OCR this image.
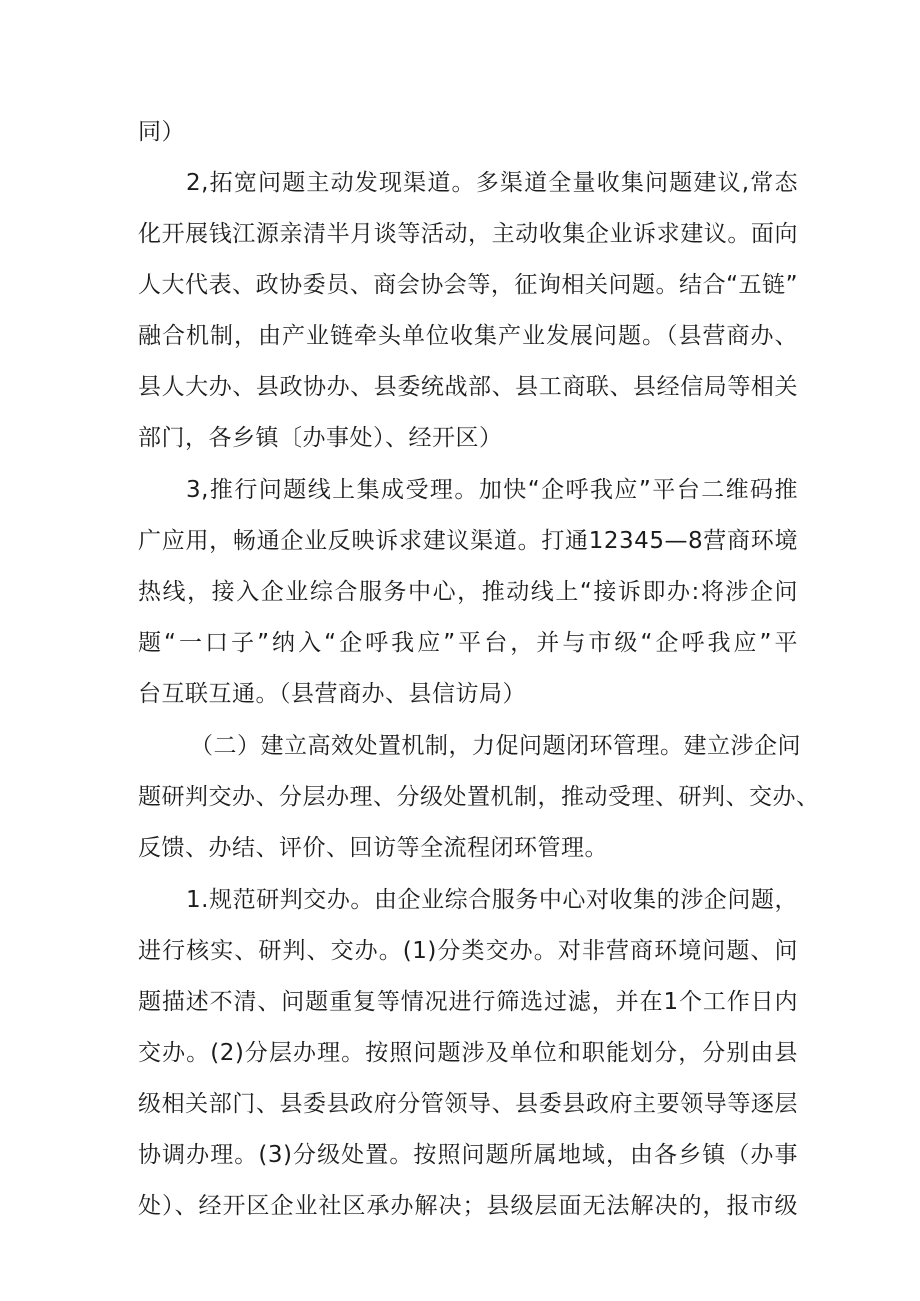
同）
2,拓宽问题主动发现渠道。多渠道全量收集问题建议,常态
化开展钱江源亲清半月谈等活动，主动收集企业诉求建议。面向
人大代表、政协委员、商会协会等，征询相关问题。结合“五链”
融合机制，由产业链牵头单位收集产业发展问题。（县营商办、
县人大办、县政协办、县委统战部、县工商联、县经信局等相关
部门，各乡镇〔办事处）、经开区）
3,推行问题线上集成受理。加快“企呼我应”平台二维码推
广应用，畅通企业反映诉求建议渠道。打通12345—8营商环境
热线，接入企业综合服务中心，推动线上“接诉即办:将涉企问
题“一口子”纳入“企呼我应”平台，并与市级“企呼我应”平
台互联互通。（县营商办、县信访局）
（二）建立高效处置机制，力促问题闭环管理。建立涉企问
题研判交办、分层办理、分级处置机制，推动受理、研判、交办、
反馈、办结、评价、回访等全流程闭环管理。
1.规范研判交办。由企业综合服务中心对收集的涉企问题，
进行核实、研判、交办。(1)分类交办。对非营商环境问题、问
题描述不清、问题重复等情况进行筛选过滤，并在1个工作日内
交办。(2)分层办理。按照问题涉及单位和职能划分，分别由县
级相关部门、县委县政府分管领导、县委县政府主要领导等逐层
协调办理。(3)分级处置。按照问题所属地域，由各乡镇（办事
处）、经开区企业社区承办解决；县级层面无法解决的，报市级
